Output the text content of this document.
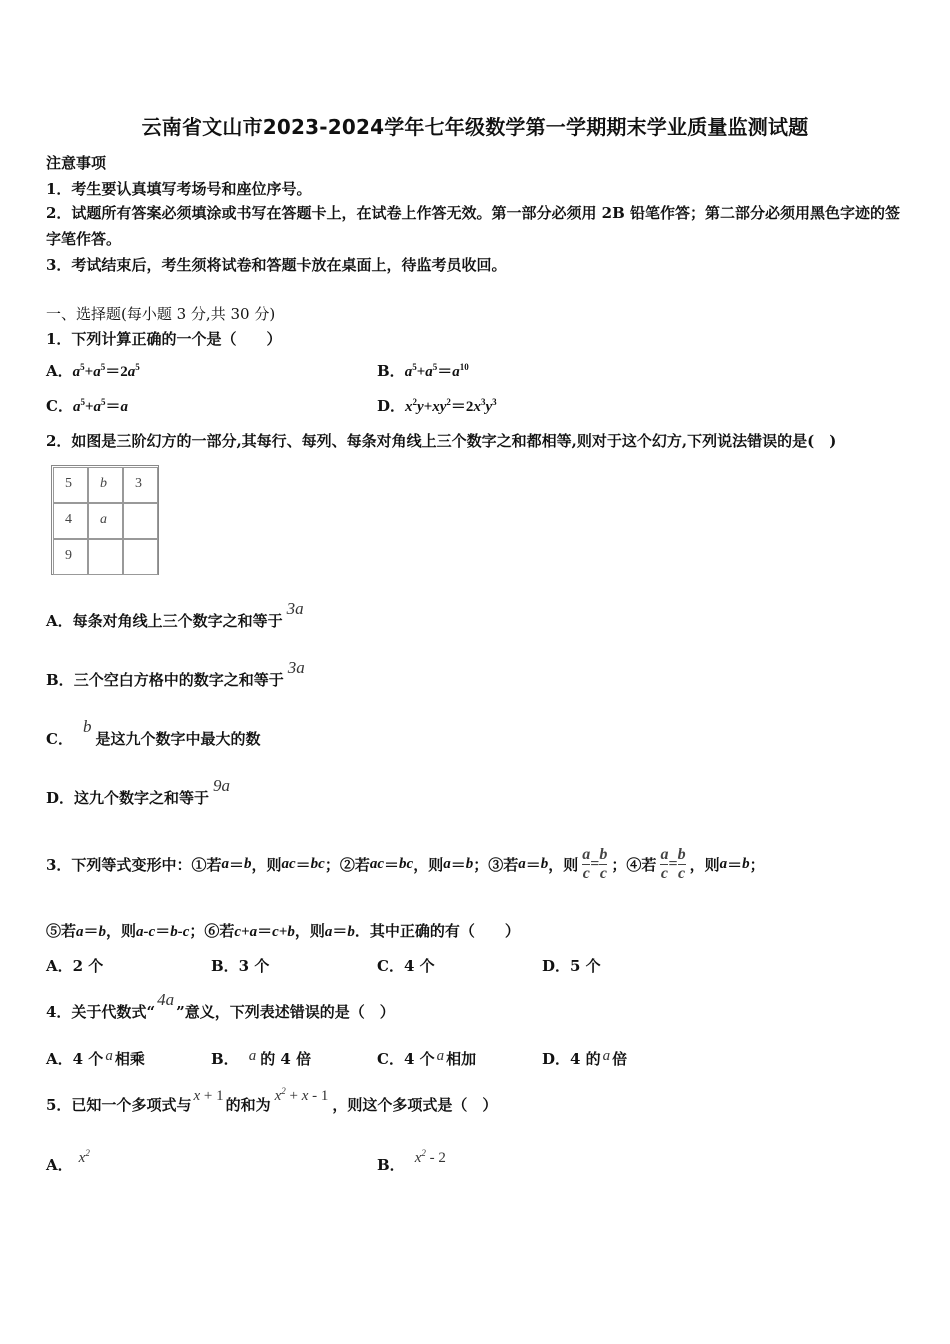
云南省文山市2023-2024学年七年级数学第一学期期末学业质量监测试题
注意事项
1．考生要认真填写考场号和座位序号。
2．试题所有答案必须填涂或书写在答题卡上，在试卷上作答无效。第一部分必须用 2B 铅笔作答；第二部分必须用黑色字迹的签字笔作答。
3．考试结束后，考生须将试卷和答题卡放在桌面上，待监考员收回。
一、选择题(每小题 3 分,共 30 分)
1．下列计算正确的一个是（　　）
A．$a^5+a^5=2a^5$	B．$a^5+a^5=a^{10}$
C．$a^5+a^5=a$	D．$x^2y+xy^2=2x^3y^3$
2．如图是三阶幻方的一部分,其每行、每列、每条对角线上三个数字之和都相等,则对于这个幻方,下列说法错误的是(　)
5	b	3
4	a
9
A．每条对角线上三个数字之和等于3a
B．三个空白方格中的数字之和等于3a
C．b是这九个数字中最大的数
D．这九个数字之和等于9a
3．下列等式变形中：①若 a ＝ b ，则 ac ＝ bc ；②若 ac ＝ bc ，则 a ＝ b ；③若 a ＝ b ，则 $\frac{a}{c} = \frac{b}{c}$ ；④若 $\frac{a}{c} = \frac{b}{c}$ ，则 a ＝ b ；
⑤若a＝b，则a-c＝b-c；⑥若c+a＝c+b，则a＝b．其中正确的有（　　）
A．2 个	B．3 个	C．4 个	D．5 个
4．关于代数式“4a”意义，下列表述错误的是（　）
A．4 个 a 相乘	B． a 的 4 倍	C．4 个 a 相加	D．4 的 a 倍
5．已知一个多项式与 x + 1 的和为 $x^2 + x - 1$ ，则这个多项式是（　）
A． $x^2$
B． $x^2 - 2$
